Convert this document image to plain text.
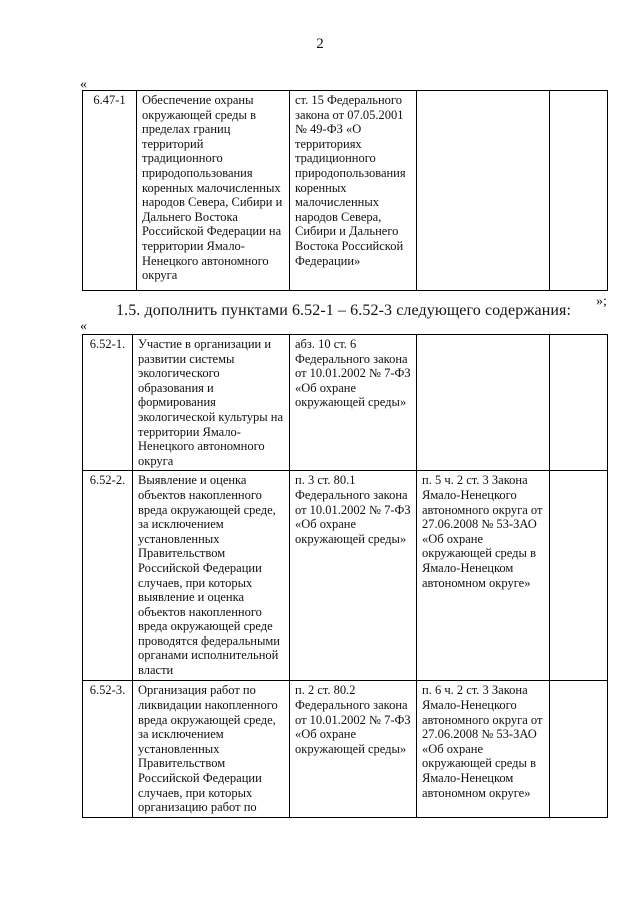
2
«
6.47-1	Обеспечение охраны окружающей среды в пределах границ территорий традиционного природопользования коренных малочисленных народов Севера, Сибири и Дальнего Востока Российской Федерации на территории Ямало-Ненецкого автономного округа	ст. 15 Федерального закона от 07.05.2001 № 49-ФЗ «О территориях традиционного природопользования коренных малочисленных народов Севера, Сибири и Дальнего Востока Российской Федерации»		
»;
1.5. дополнить пунктами 6.52-1 – 6.52-3 следующего содержания:
«
6.52-1.	Участие в организации и развитии системы экологического образования и формирования экологической культуры на территории Ямало-Ненецкого автономного округа	абз. 10 ст. 6 Федерального закона от 10.01.2002 № 7-ФЗ «Об охране окружающей среды»		
6.52-2.	Выявление и оценка объектов накопленного вреда окружающей среде, за исключением установленных Правительством Российской Федерации случаев, при которых выявление и оценка объектов накопленного вреда окружающей среде проводятся федеральными органами исполнительной власти	п. 3 ст. 80.1 Федерального закона от 10.01.2002 № 7-ФЗ «Об охране окружающей среды»	п. 5 ч. 2 ст. 3 Закона Ямало-Ненецкого автономного округа от 27.06.2008 № 53-ЗАО «Об охране окружающей среды в Ямало-Ненецком автономном округе»	
6.52-3.	Организация работ по ликвидации накопленного вреда окружающей среде, за исключением установленных Правительством Российской Федерации случаев, при которых организацию работ по	п. 2 ст. 80.2 Федерального закона от 10.01.2002 № 7-ФЗ «Об охране окружающей среды»	п. 6 ч. 2 ст. 3 Закона Ямало-Ненецкого автономного округа от 27.06.2008 № 53-ЗАО «Об охране окружающей среды в Ямало-Ненецком автономном округе»	
